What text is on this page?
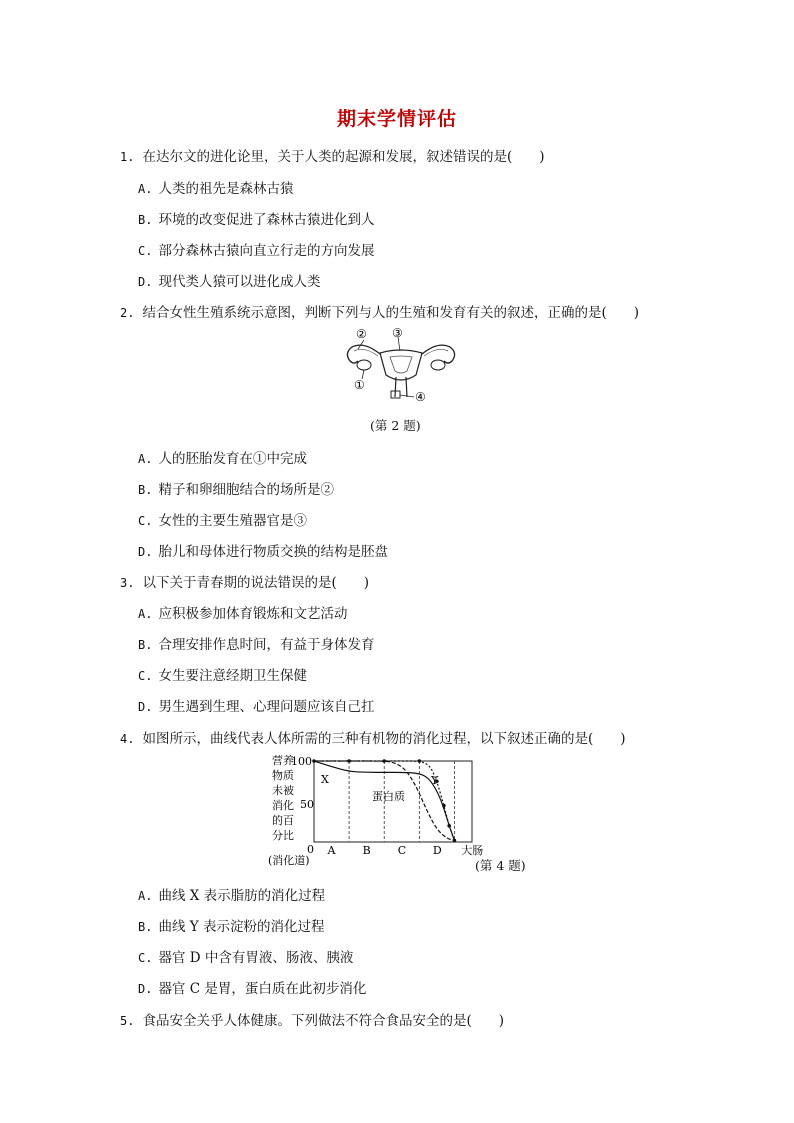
期末学情评估
1. 在达尔文的进化论里，关于人类的起源和发展，叙述错误的是(　　)
A. 人类的祖先是森林古猿
B. 环境的改变促进了森林古猿进化到人
C. 部分森林古猿向直立行走的方向发展
D. 现代类人猿可以进化成人类
2. 结合女性生殖系统示意图，判断下列与人的生殖和发育有关的叙述，正确的是(　　)
② ③
①
④
(第 2 题)
A. 人的胚胎发育在①中完成
B. 精子和卵细胞结合的场所是②
C. 女性的主要生殖器官是③
D. 胎儿和母体进行物质交换的结构是胚盘
3. 以下关于青春期的说法错误的是(　　)
A. 应积极参加体育锻炼和文艺活动
B. 合理安排作息时间，有益于身体发育
C. 女生要注意经期卫生保健
D. 男生遇到生理、心理问题应该自己扛
4. 如图所示，曲线代表人体所需的三种有机物的消化过程，以下叙述正确的是(　　)
营养
物质
未被
消化
的百
分比
100
50
0 A B C D 大肠
(消化道)
蛋白质
X	Y
(第 4 题)
A. 曲线 X 表示脂肪的消化过程
B. 曲线 Y 表示淀粉的消化过程
C. 器官 D 中含有胃液、肠液、胰液
D. 器官 C 是胃，蛋白质在此初步消化
5. 食品安全关乎人体健康。下列做法不符合食品安全的是(　　)
